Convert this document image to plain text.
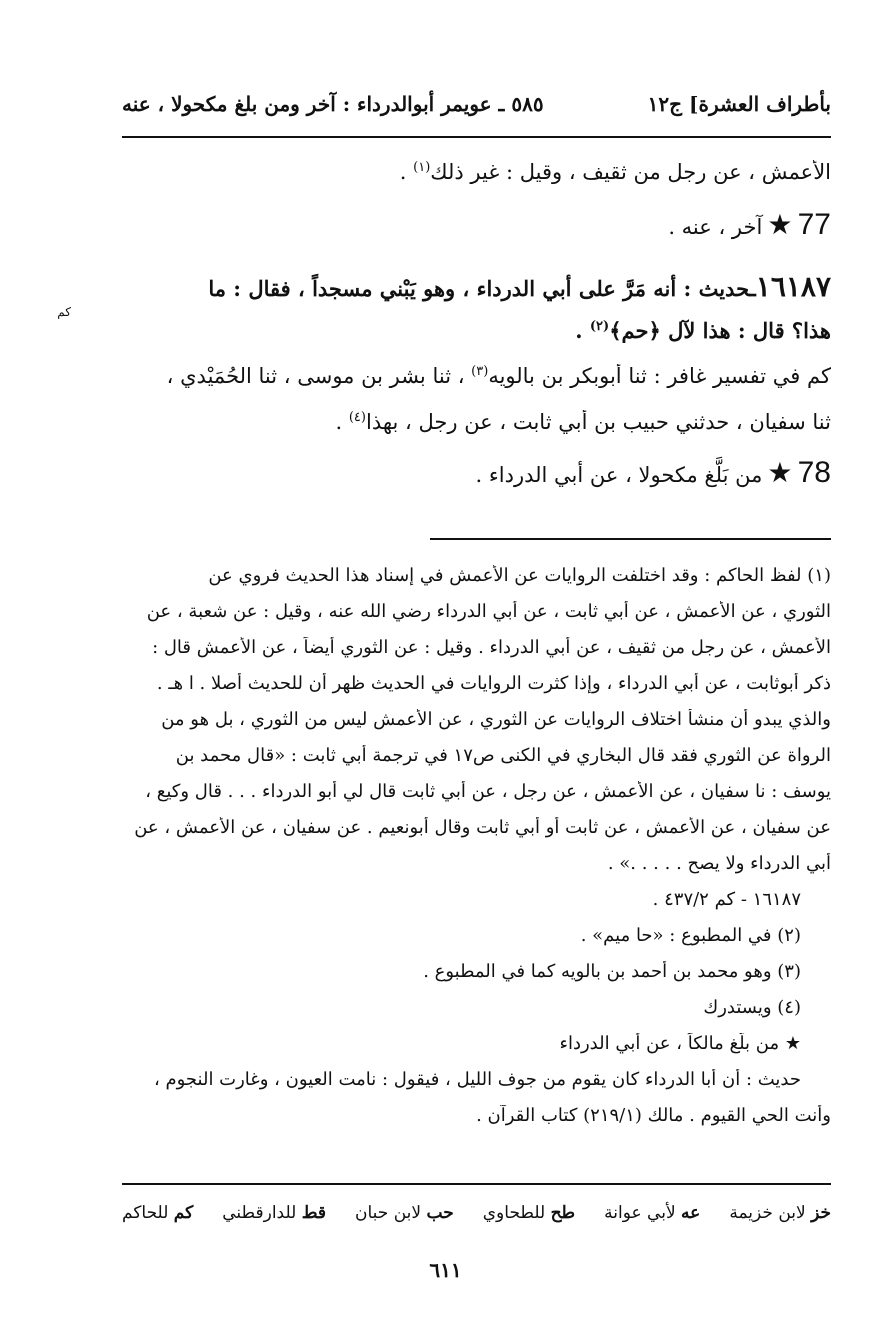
بأطراف العشرة] ج١٢
٥٨٥ ـ عويمر أبوالدرداء : آخر ومن بلغ مكحولا ، عنه
الأعمش ، عن رجل من ثقيف ، وقيل : غير ذلك$^{(١)}$ .
77 ★ آخر ، عنه .
١٦١٨٧ـحديث : أنه مَرَّ على أبي الدرداء ، وهو يَبْني مسجداً ، فقال : ما
كم
هذا؟ قال : هذا لآل ﴿حم﴾$^{(٢)}$ .
كم في تفسير غافر : ثنا أبوبكر بن بالويه$^{(٣)}$ ، ثنا بشر بن موسى ، ثنا الحُمَيْدي ،
ثنا سفيان ، حدثني حبيب بن أبي ثابت ، عن رجل ، بهذا$^{(٤)}$ .
78 ★ من بَلَّغ مكحولا ، عن أبي الدرداء .
(١) لفظ الحاكم : وقد اختلفت الروايات عن الأعمش في إسناد هذا الحديث فروي عن
الثوري ، عن الأعمش ، عن أبي ثابت ، عن أبي الدرداء رضي الله عنه ، وقيل : عن شعبة ، عن
الأعمش ، عن رجل من ثقيف ، عن أبي الدرداء . وقيل : عن الثوري أيضاً ، عن الأعمش قال :
ذكر أبوثابت ، عن أبي الدرداء ، وإذا كثرت الروايات في الحديث ظهر أن للحديث أصلا . ا هـ .
والذي يبدو أن منشأ اختلاف الروايات عن الثوري ، عن الأعمش ليس من الثوري ، بل هو من
الرواة عن الثوري فقد قال البخاري في الكنى ص١٧ في ترجمة أبي ثابت : «قال محمد بن
يوسف : نا سفيان ، عن الأعمش ، عن رجل ، عن أبي ثابت قال لي أبو الدرداء . . . قال وكيع ،
عن سفيان ، عن الأعمش ، عن ثابت أو أبي ثابت وقال أبونعيم . عن سفيان ، عن الأعمش ، عن
أبي الدرداء ولا يصح . . . . .» .
١٦١٨٧ - كم ٤٣٧/٢ .
(٢) في المطبوع : «حا ميم» .
(٣) وهو محمد بن أحمد بن بالويه كما في المطبوع .
(٤) ويستدرك
★ من بلّغ مالكاً ، عن أبي الدرداء
حديث : أن أبا الدرداء كان يقوم من جوف الليل ، فيقول : نامت العيون ، وغارت النجوم ،
وأنت الحي القيوم . مالك (٢١٩/١) كتاب القرآن .
خز لابن خزيمة
عه لأبي عوانة
طح للطحاوي
حب لابن حبان
قط للدارقطني
كم للحاكم
٦١١
